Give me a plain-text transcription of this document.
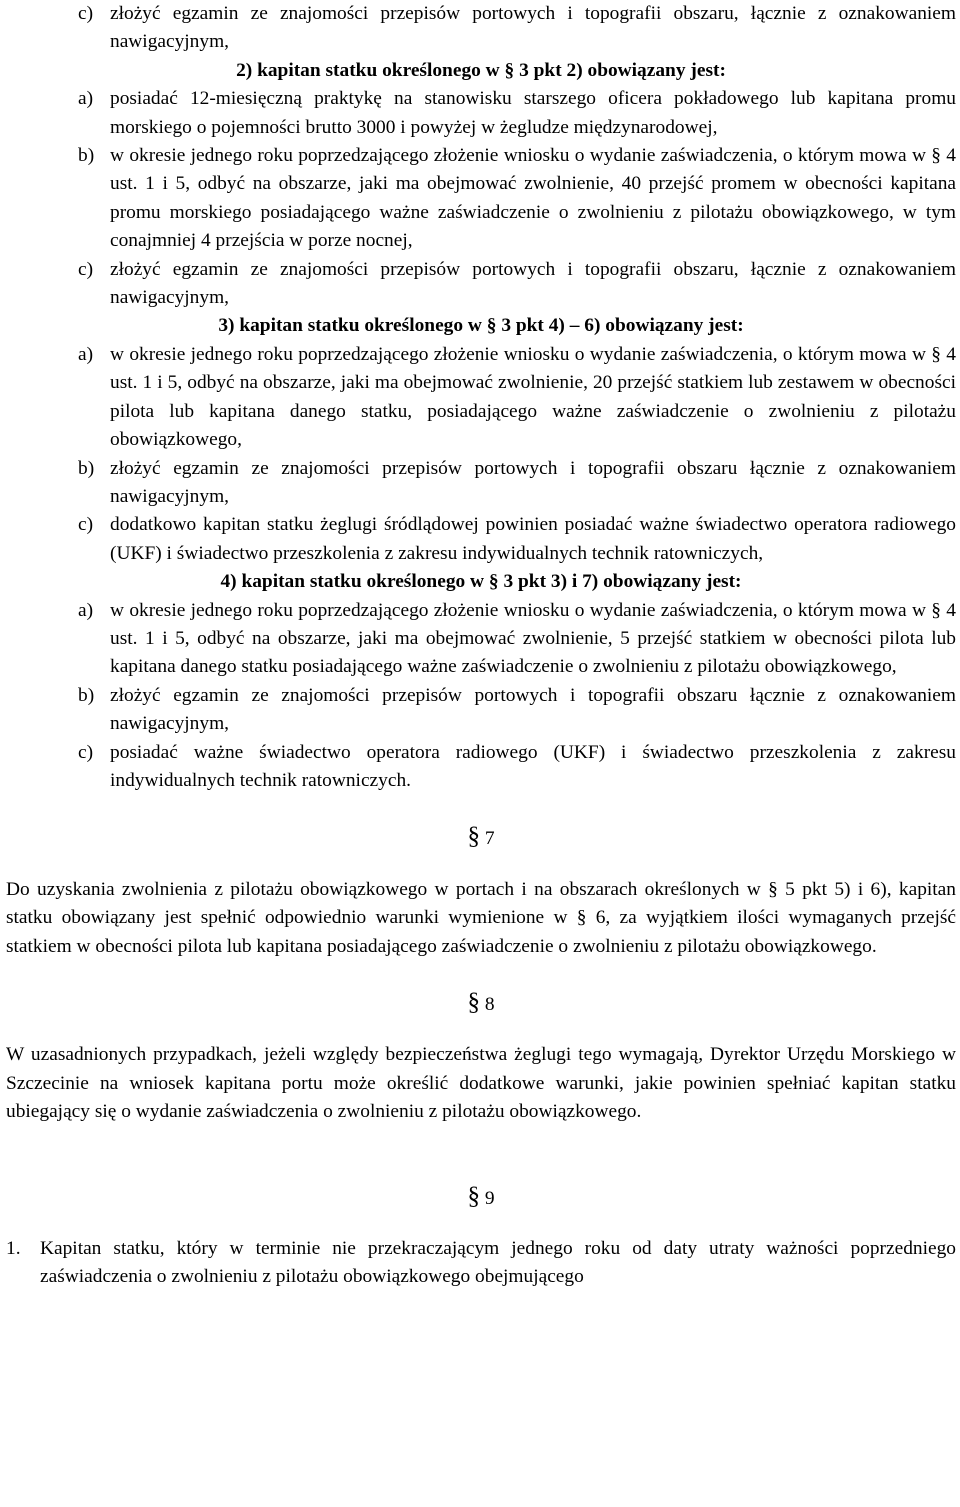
c) złożyć egzamin ze znajomości przepisów portowych i topografii obszaru, łącznie z oznakowaniem nawigacyjnym,

2) kapitan statku określonego w § 3 pkt 2) obowiązany jest:

a) posiadać 12-miesięczną praktykę na stanowisku starszego oficera pokładowego lub kapitana promu morskiego o pojemności brutto 3000 i powyżej w żegludze międzynarodowej,

b) w okresie jednego roku poprzedzającego złożenie wniosku o wydanie zaświadczenia, o którym mowa w § 4 ust. 1 i 5, odbyć na obszarze, jaki ma obejmować zwolnienie, 40 przejść promem w obecności kapitana promu morskiego posiadającego ważne zaświadczenie o zwolnieniu z pilotażu obowiązkowego, w tym conajmniej 4 przejścia w porze nocnej,

c) złożyć egzamin ze znajomości przepisów portowych i topografii obszaru, łącznie z oznakowaniem nawigacyjnym,

3) kapitan statku określonego w § 3 pkt 4) – 6) obowiązany jest:

a) w okresie jednego roku poprzedzającego złożenie wniosku o wydanie zaświadczenia, o którym mowa w § 4 ust. 1 i 5, odbyć na obszarze, jaki ma obejmować zwolnienie, 20 przejść statkiem lub zestawem w obecności pilota lub kapitana danego statku, posiadającego ważne zaświadczenie o zwolnieniu z pilotażu obowiązkowego,

b) złożyć egzamin ze znajomości przepisów portowych i topografii obszaru łącznie z oznakowaniem nawigacyjnym,

c) dodatkowo kapitan statku żeglugi śródlądowej powinien posiadać ważne świadectwo operatora radiowego (UKF) i świadectwo przeszkolenia z zakresu indywidualnych technik ratowniczych,

4) kapitan statku określonego w § 3 pkt 3) i 7) obowiązany jest:

a) w okresie jednego roku poprzedzającego złożenie wniosku o wydanie zaświadczenia, o którym mowa w § 4 ust. 1 i 5, odbyć na obszarze, jaki ma obejmować zwolnienie, 5 przejść statkiem w obecności pilota lub kapitana danego statku posiadającego ważne zaświadczenie o zwolnieniu z pilotażu obowiązkowego,

b) złożyć egzamin ze znajomości przepisów portowych i topografii obszaru łącznie z oznakowaniem nawigacyjnym,

c) posiadać ważne świadectwo operatora radiowego (UKF) i świadectwo przeszkolenia z zakresu indywidualnych technik ratowniczych.

§ 7

Do uzyskania zwolnienia z pilotażu obowiązkowego w portach i na obszarach określonych w § 5 pkt 5) i 6), kapitan statku obowiązany jest spełnić odpowiednio warunki wymienione w § 6, za wyjątkiem ilości wymaganych przejść statkiem w obecności pilota lub kapitana posiadającego zaświadczenie o zwolnieniu z pilotażu obowiązkowego.

§ 8

W uzasadnionych przypadkach, jeżeli względy bezpieczeństwa żeglugi tego wymagają, Dyrektor Urzędu Morskiego w Szczecinie na wniosek kapitana portu może określić dodatkowe warunki, jakie powinien spełniać kapitan statku ubiegający się o wydanie zaświadczenia o zwolnieniu z pilotażu obowiązkowego.

§ 9

1. Kapitan statku, który w terminie nie przekraczającym jednego roku od daty utraty ważności poprzedniego zaświadczenia o zwolnieniu z pilotażu obowiązkowego obejmującego
